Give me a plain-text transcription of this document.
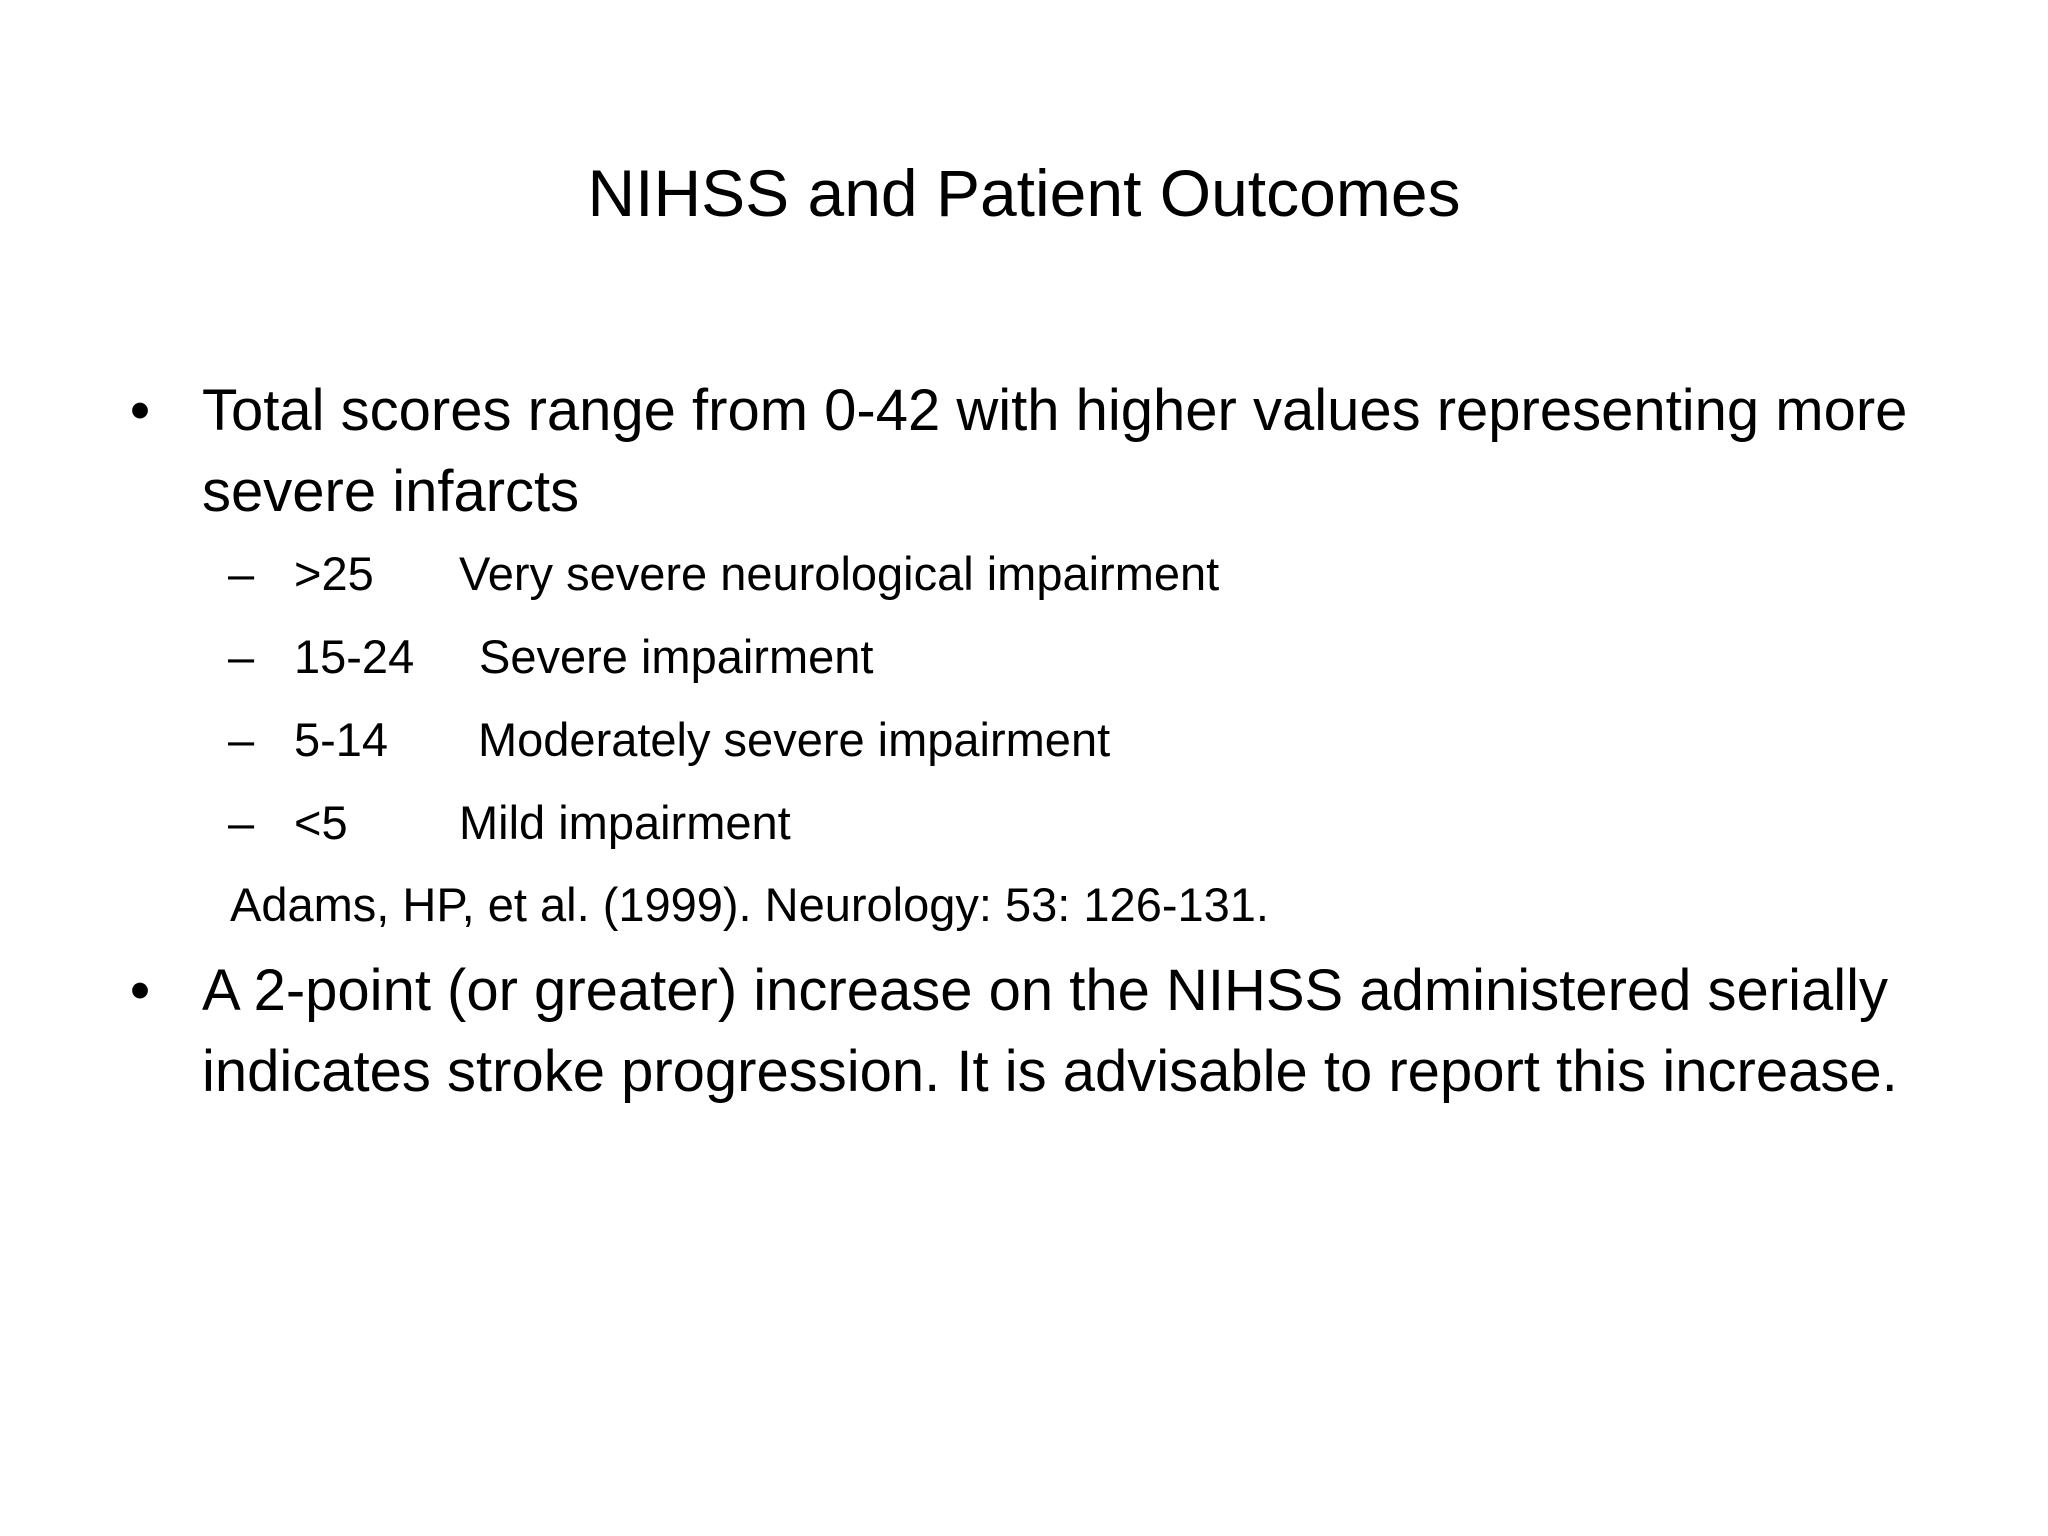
NIHSS and Patient Outcomes
• Total scores range from 0-42 with higher values representing more severe infarcts
– >25 Very severe neurological impairment
– 15-24 Severe impairment
– 5-14 Moderately severe impairment
– <5 Mild impairment
Adams, HP, et al. (1999). Neurology: 53: 126-131.
• A 2-point (or greater) increase on the NIHSS administered serially indicates stroke progression. It is advisable to report this increase.
